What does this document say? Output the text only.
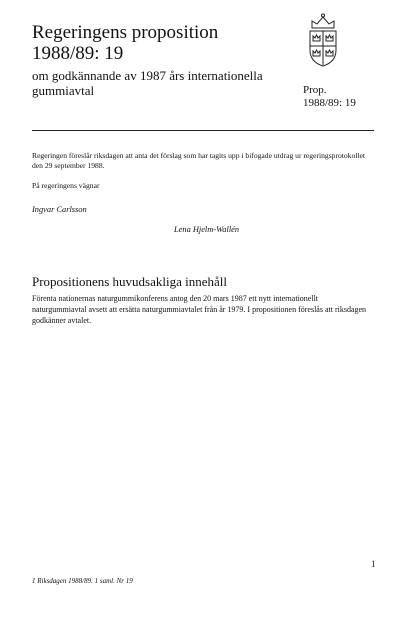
Regeringens proposition
1988/89: 19

om godkännande av 1987 års internationella gummiavtal	Prop.
1988/89: 19

Regeringen föreslår riksdagen att anta det förslag som har tagits upp i bifogade utdrag ur regeringsprotokollet den 29 september 1988.

På regeringens vägnar

Ingvar Carlsson

Lena Hjelm-Wallén

Propositionens huvudsakliga innehåll

Förenta nationernas naturgummikonferens antog den 20 mars 1987 ett nytt internationellt naturgummiavtal avsett att ersätta naturgummiavtalet från år 1979. I propositionen föreslås att riksdagen godkänner avtalet.

1
1 Riksdagen 1988/89. 1 saml. Nr 19
